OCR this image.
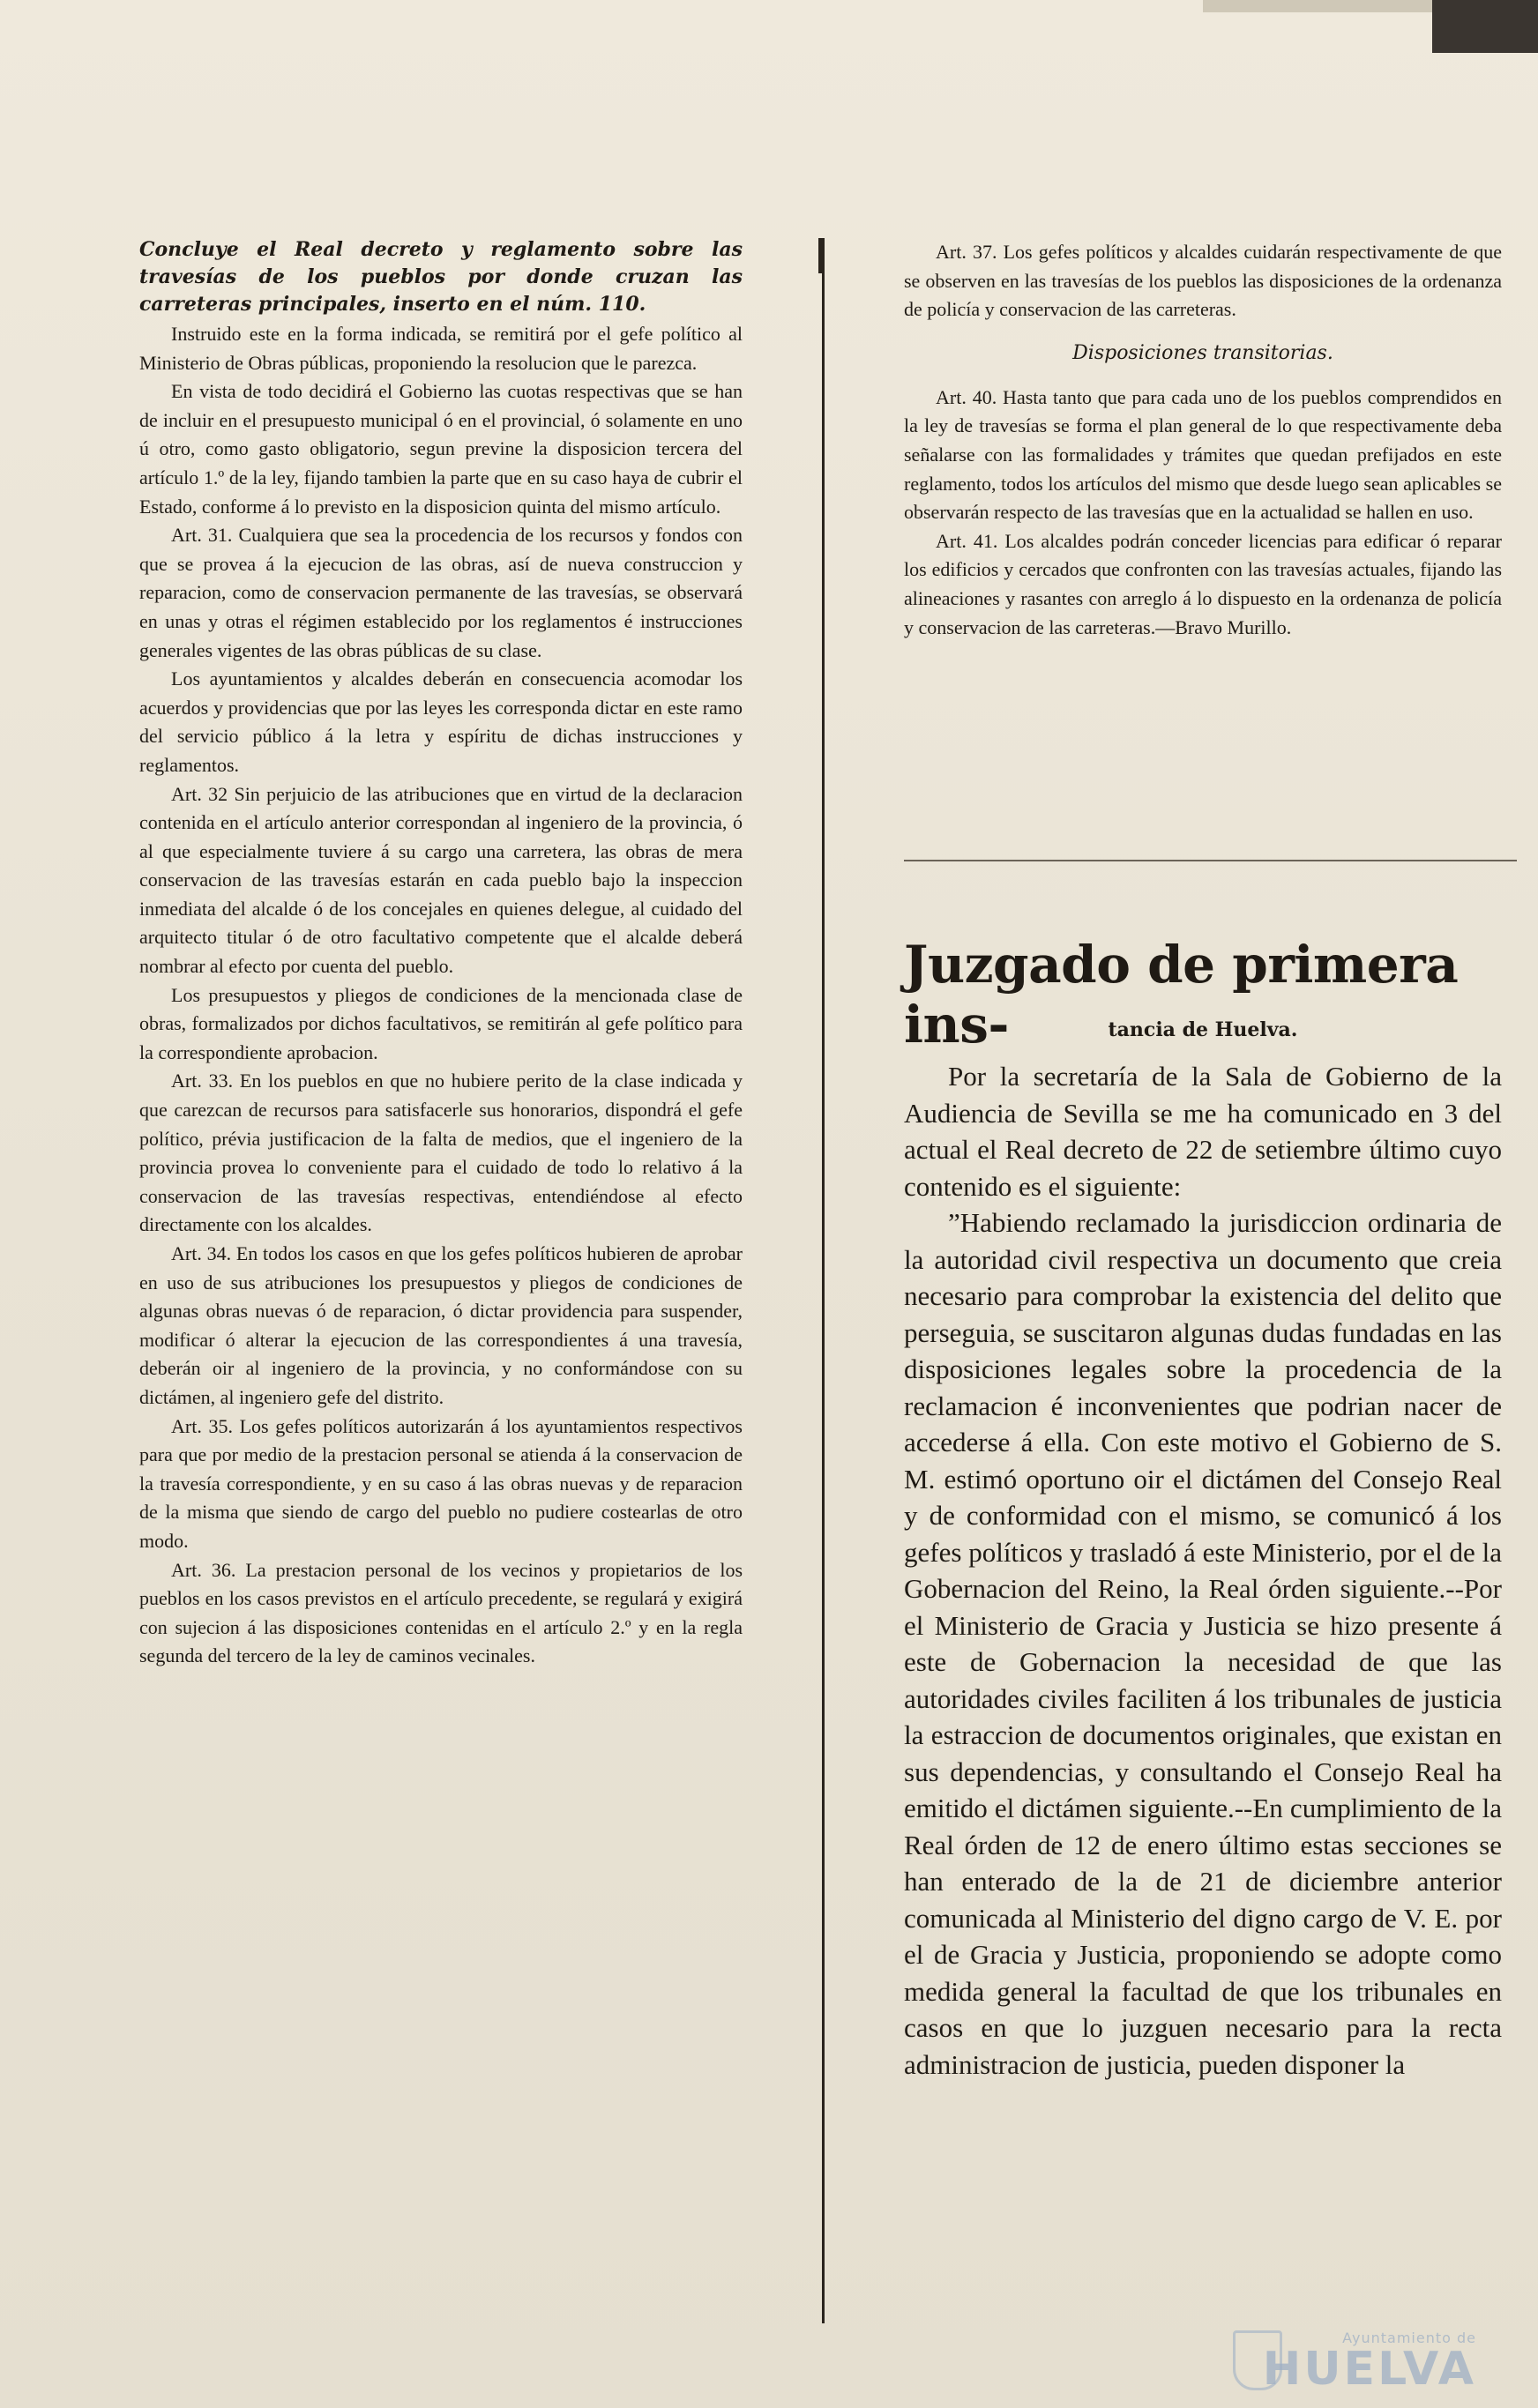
Concluye el Real decreto y reglamento sobre las travesías de los pueblos por donde cruzan las carreteras principales, inserto en el núm. 110.

Instruido este en la forma indicada, se remitirá por el gefe político al Ministerio de Obras públicas, proponiendo la resolucion que le parezca.

En vista de todo decidirá el Gobierno las cuotas respectivas que se han de incluir en el presupuesto municipal ó en el provincial, ó solamente en uno ú otro, como gasto obligatorio, segun previne la disposicion tercera del artículo 1.º de la ley, fijando tambien la parte que en su caso haya de cubrir el Estado, conforme á lo previsto en la disposicion quinta del mismo artículo.

Art. 31. Cualquiera que sea la procedencia de los recursos y fondos con que se provea á la ejecucion de las obras, así de nueva construccion y reparacion, como de conservacion permanente de las travesías, se observará en unas y otras el régimen establecido por los reglamentos é instrucciones generales vigentes de las obras públicas de su clase.

Los ayuntamientos y alcaldes deberán en consecuencia acomodar los acuerdos y providencias que por las leyes les corresponda dictar en este ramo del servicio público á la letra y espíritu de dichas instrucciones y reglamentos.

Art. 32 Sin perjuicio de las atribuciones que en virtud de la declaracion contenida en el artículo anterior correspondan al ingeniero de la provincia, ó al que especialmente tuviere á su cargo una carretera, las obras de mera conservacion de las travesías estarán en cada pueblo bajo la inspeccion inmediata del alcalde ó de los concejales en quienes delegue, al cuidado del arquitecto titular ó de otro facultativo competente que el alcalde deberá nombrar al efecto por cuenta del pueblo.

Los presupuestos y pliegos de condiciones de la mencionada clase de obras, formalizados por dichos facultativos, se remitirán al gefe político para la correspondiente aprobacion.

Art. 33. En los pueblos en que no hubiere perito de la clase indicada y que carezcan de recursos para satisfacerle sus honorarios, dispondrá el gefe político, prévia justificacion de la falta de medios, que el ingeniero de la provincia provea lo conveniente para el cuidado de todo lo relativo á la conservacion de las travesías respectivas, entendiéndose al efecto directamente con los alcaldes.

Art. 34. En todos los casos en que los gefes políticos hubieren de aprobar en uso de sus atribuciones los presupuestos y pliegos de condiciones de algunas obras nuevas ó de reparacion, ó dictar providencia para suspender, modificar ó alterar la ejecucion de las correspondientes á una travesía, deberán oir al ingeniero de la provincia, y no conformándose con su dictámen, al ingeniero gefe del distrito.

Art. 35. Los gefes políticos autorizarán á los ayuntamientos respectivos para que por medio de la prestacion personal se atienda á la conservacion de la travesía correspondiente, y en su caso á las obras nuevas y de reparacion de la misma que siendo de cargo del pueblo no pudiere costearlas de otro modo.

Art. 36. La prestacion personal de los vecinos y propietarios de los pueblos en los casos previstos en el artículo precedente, se regulará y exigirá con sujecion á las disposiciones contenidas en el artículo 2.º y en la regla segunda del tercero de la ley de caminos vecinales.

Art. 37. Los gefes políticos y alcaldes cuidarán respectivamente de que se observen en las travesías de los pueblos las disposiciones de la ordenanza de policía y conservacion de las carreteras.

Disposiciones transitorias.

Art. 40. Hasta tanto que para cada uno de los pueblos comprendidos en la ley de travesías se forma el plan general de lo que respectivamente deba señalarse con las formalidades y trámites que quedan prefijados en este reglamento, todos los artículos del mismo que desde luego sean aplicables se observarán respecto de las travesías que en la actualidad se hallen en uso.

Art. 41. Los alcaldes podrán conceder licencias para edificar ó reparar los edificios y cercados que confronten con las travesías actuales, fijando las alineaciones y rasantes con arreglo á lo dispuesto en la ordenanza de policía y conservacion de las carreteras.—Bravo Murillo.

Juzgado de primera ins-	tancia de Huelva.

Por la secretaría de la Sala de Gobierno de la Audiencia de Sevilla se me ha comunicado en 3 del actual el Real decreto de 22 de setiembre último cuyo contenido es el siguiente:

”Habiendo reclamado la jurisdiccion ordinaria de la autoridad civil respectiva un documento que creia necesario para comprobar la existencia del delito que perseguia, se suscitaron algunas dudas fundadas en las disposiciones legales sobre la procedencia de la reclamacion é inconvenientes que podrian nacer de accederse á ella. Con este motivo el Gobierno de S. M. estimó oportuno oir el dictámen del Consejo Real y de conformidad con el mismo, se comunicó á los gefes políticos y trasladó á este Ministerio, por el de la Gobernacion del Reino, la Real órden siguiente.--Por el Ministerio de Gracia y Justicia se hizo presente á este de Gobernacion la necesidad de que las autoridades civiles faciliten á los tribunales de justicia la estraccion de documentos originales, que existan en sus dependencias, y consultando el Consejo Real ha emitido el dictámen siguiente.--En cumplimiento de la Real órden de 12 de enero último estas secciones se han enterado de la de 21 de diciembre anterior comunicada al Ministerio del digno cargo de V. E. por el de Gracia y Justicia, proponiendo se adopte como medida general la facultad de que los tribunales en casos en que lo juzguen necesario para la recta administracion de justicia, pueden disponer la

Ayuntamiento de
HUELVA
